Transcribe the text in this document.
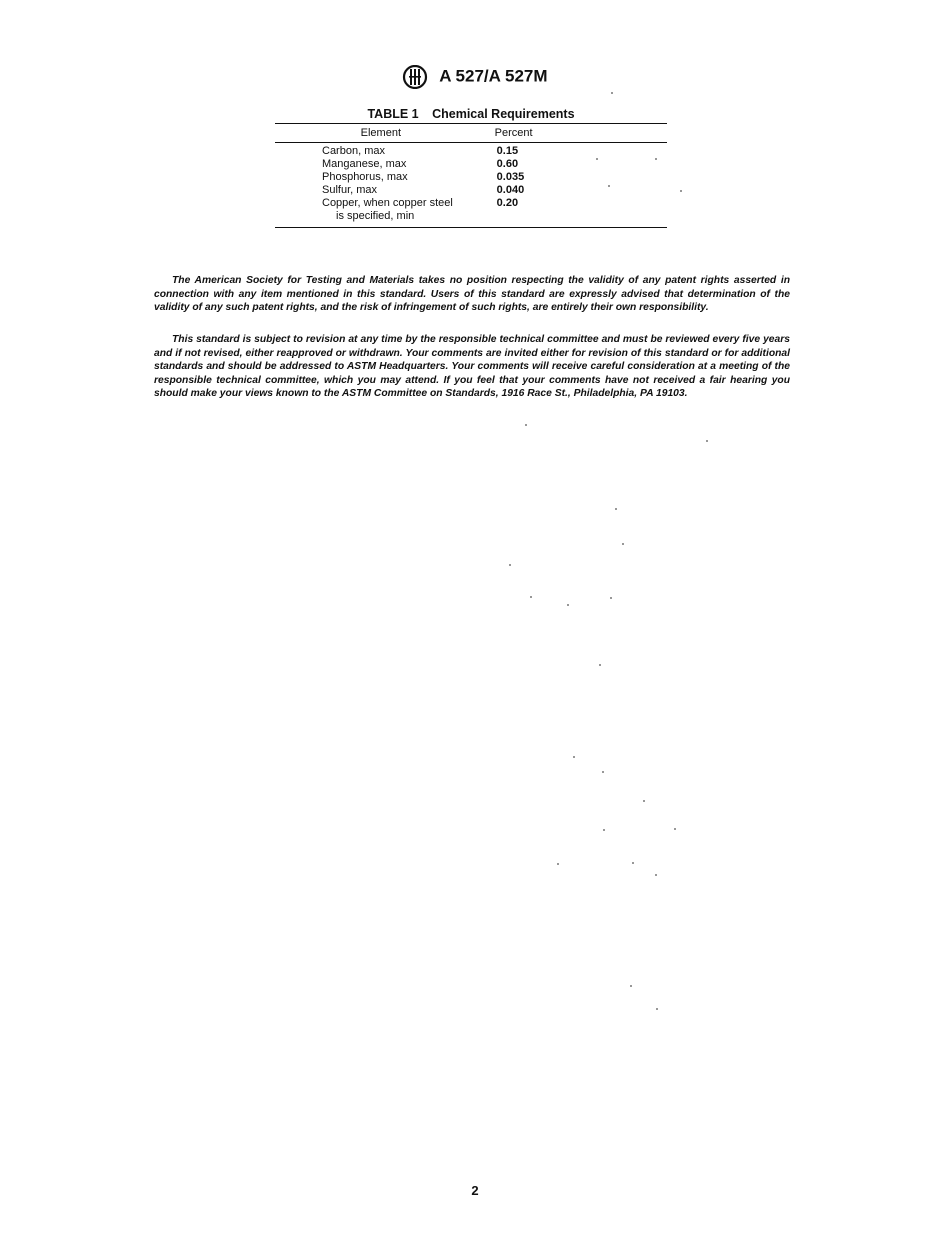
A 527/A 527M
TABLE 1 Chemical Requirements
Element	Percent
Carbon, max	0.15
Manganese, max	0.60
Phosphorus, max	0.035
Sulfur, max	0.040
Copper, when copper steel
is specified, min	0.20

The American Society for Testing and Materials takes no position respecting the validity of any patent rights asserted in connection with any item mentioned in this standard. Users of this standard are expressly advised that determination of the validity of any such patent rights, and the risk of infringement of such rights, are entirely their own responsibility.

This standard is subject to revision at any time by the responsible technical committee and must be reviewed every five years and if not revised, either reapproved or withdrawn. Your comments are invited either for revision of this standard or for additional standards and should be addressed to ASTM Headquarters. Your comments will receive careful consideration at a meeting of the responsible technical committee, which you may attend. If you feel that your comments have not received a fair hearing you should make your views known to the ASTM Committee on Standards, 1916 Race St., Philadelphia, PA 19103.

2
